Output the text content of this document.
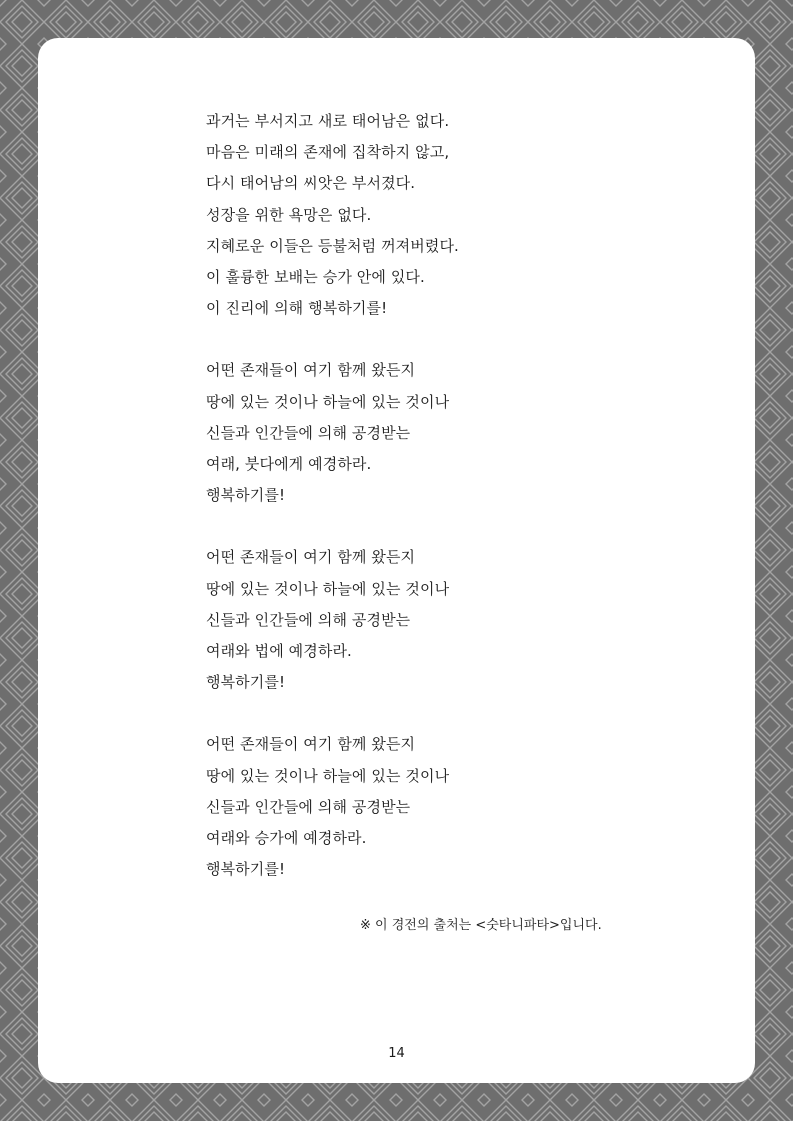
과거는 부서지고 새로 태어남은 없다.
마음은 미래의 존재에 집착하지 않고,
다시 태어남의 씨앗은 부서졌다.
성장을 위한 욕망은 없다.
지혜로운 이들은 등불처럼 꺼져버렸다.
이 훌륭한 보배는 승가 안에 있다.
이 진리에 의해 행복하기를!
어떤 존재들이 여기 함께 왔든지
땅에 있는 것이나 하늘에 있는 것이나
신들과 인간들에 의해 공경받는
여래, 붓다에게 예경하라.
행복하기를!
어떤 존재들이 여기 함께 왔든지
땅에 있는 것이나 하늘에 있는 것이나
신들과 인간들에 의해 공경받는
여래와 법에 예경하라.
행복하기를!
어떤 존재들이 여기 함께 왔든지
땅에 있는 것이나 하늘에 있는 것이나
신들과 인간들에 의해 공경받는
여래와 승가에 예경하라.
행복하기를!
※ 이 경전의 출처는 <숫타니파타>입니다.
14
